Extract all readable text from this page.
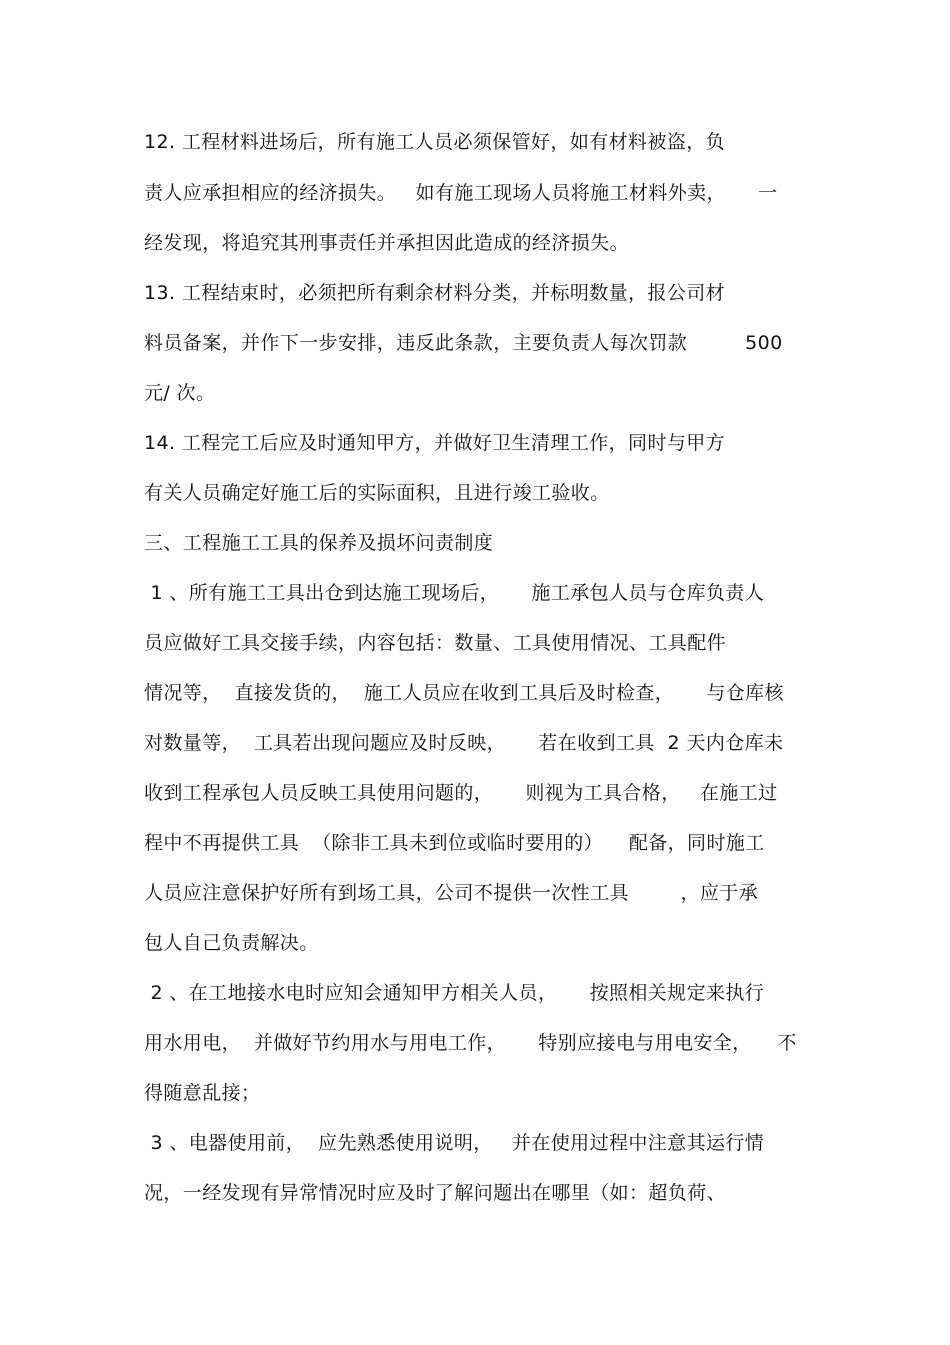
12. 工程材料进场后，所有施工人员必须保管好，如有材料被盗，负
责人应承担相应的经济损失。   如有施工现场人员将施工材料外卖，     一
经发现，将追究其刑事责任并承担因此造成的经济损失。
13. 工程结束时，必须把所有剩余材料分类，并标明数量，报公司材
料员备案，并作下一步安排，违反此条款，主要负责人每次罚款         500
元/ 次。
14. 工程完工后应及时通知甲方，并做好卫生清理工作，同时与甲方
有关人员确定好施工后的实际面积，且进行竣工验收。
三、工程施工工具的保养及损坏问责制度
1 、所有施工工具出仓到达施工现场后，     施工承包人员与仓库负责人
员应做好工具交接手续，内容包括：数量、工具使用情况、工具配件
情况等，  直接发货的，  施工人员应在收到工具后及时检查，     与仓库核
对数量等，  工具若出现问题应及时反映，     若在收到工具  2 天内仓库未
收到工程承包人员反映工具使用问题的，     则视为工具合格，   在施工过
程中不再提供工具  （除非工具未到位或临时要用的）    配备，同时施工
人员应注意保护好所有到场工具，公司不提供一次性工具        ，应于承
包人自己负责解决。
2 、在工地接水电时应知会通知甲方相关人员，     按照相关规定来执行
用水用电，  并做好节约用水与用电工作，     特别应接电与用电安全，    不
得随意乱接；
3 、电器使用前，  应先熟悉使用说明，   并在使用过程中注意其运行情
况，一经发现有异常情况时应及时了解问题出在哪里（如：超负荷、
